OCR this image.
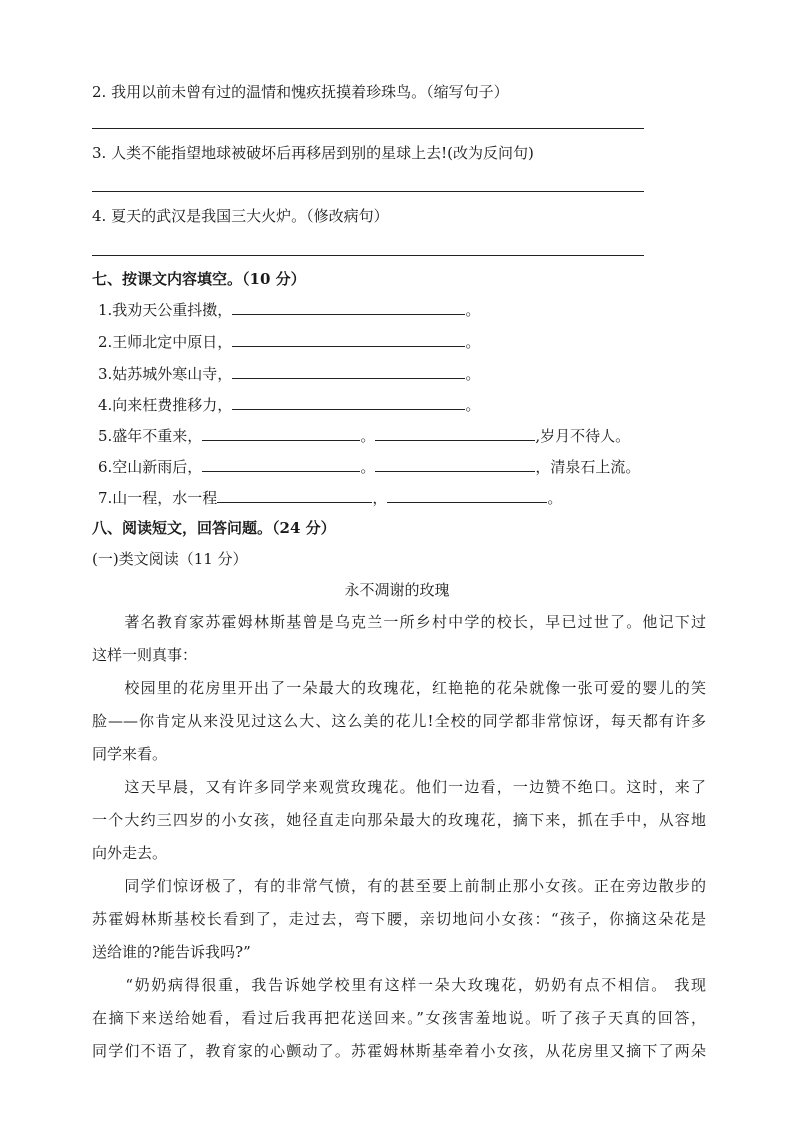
2. 我用以前未曾有过的温情和愧疚抚摸着珍珠鸟。（缩写句子）
3. 人类不能指望地球被破坏后再移居到别的星球上去!(改为反问句)
4. 夏天的武汉是我国三大火炉。（修改病句）
七、按课文内容填空。（10 分）
1.我劝天公重抖擞，	。
2.王师北定中原日，	。
3.姑苏城外寒山寺，	。
4.向来枉费推移力，	。
5.盛年不重来，	。	,岁月不待人。
6.空山新雨后，	。	，清泉石上流。
7.山一程，水一程	，	。
八、阅读短文，回答问题。（24 分）
(一)类文阅读（11 分）
永不凋谢的玫瑰

　　著名教育家苏霍姆林斯基曾是乌克兰一所乡村中学的校长，早已过世了。他记下过

这样一则真事：

　　校园里的花房里开出了一朵最大的玫瑰花，红艳艳的花朵就像一张可爱的婴儿的笑

脸——你肯定从来没见过这么大、这么美的花儿!全校的同学都非常惊讶，每天都有许多

同学来看。

　　这天早晨，又有许多同学来观赏玫瑰花。他们一边看，一边赞不绝口。这时，来了

一个大约三四岁的小女孩，她径直走向那朵最大的玫瑰花，摘下来，抓在手中，从容地

向外走去。

　　同学们惊讶极了，有的非常气愤，有的甚至要上前制止那小女孩。正在旁边散步的

苏霍姆林斯基校长看到了，走过去，弯下腰，亲切地问小女孩：“孩子，你摘这朵花是

送给谁的?能告诉我吗?”

　　“奶奶病得很重，我告诉她学校里有这样一朵大玫瑰花，奶奶有点不相信。 我现

在摘下来送给她看，看过后我再把花送回来。”女孩害羞地说。听了孩子天真的回答，

同学们不语了，教育家的心颤动了。苏霍姆林斯基牵着小女孩，从花房里又摘下了两朵
